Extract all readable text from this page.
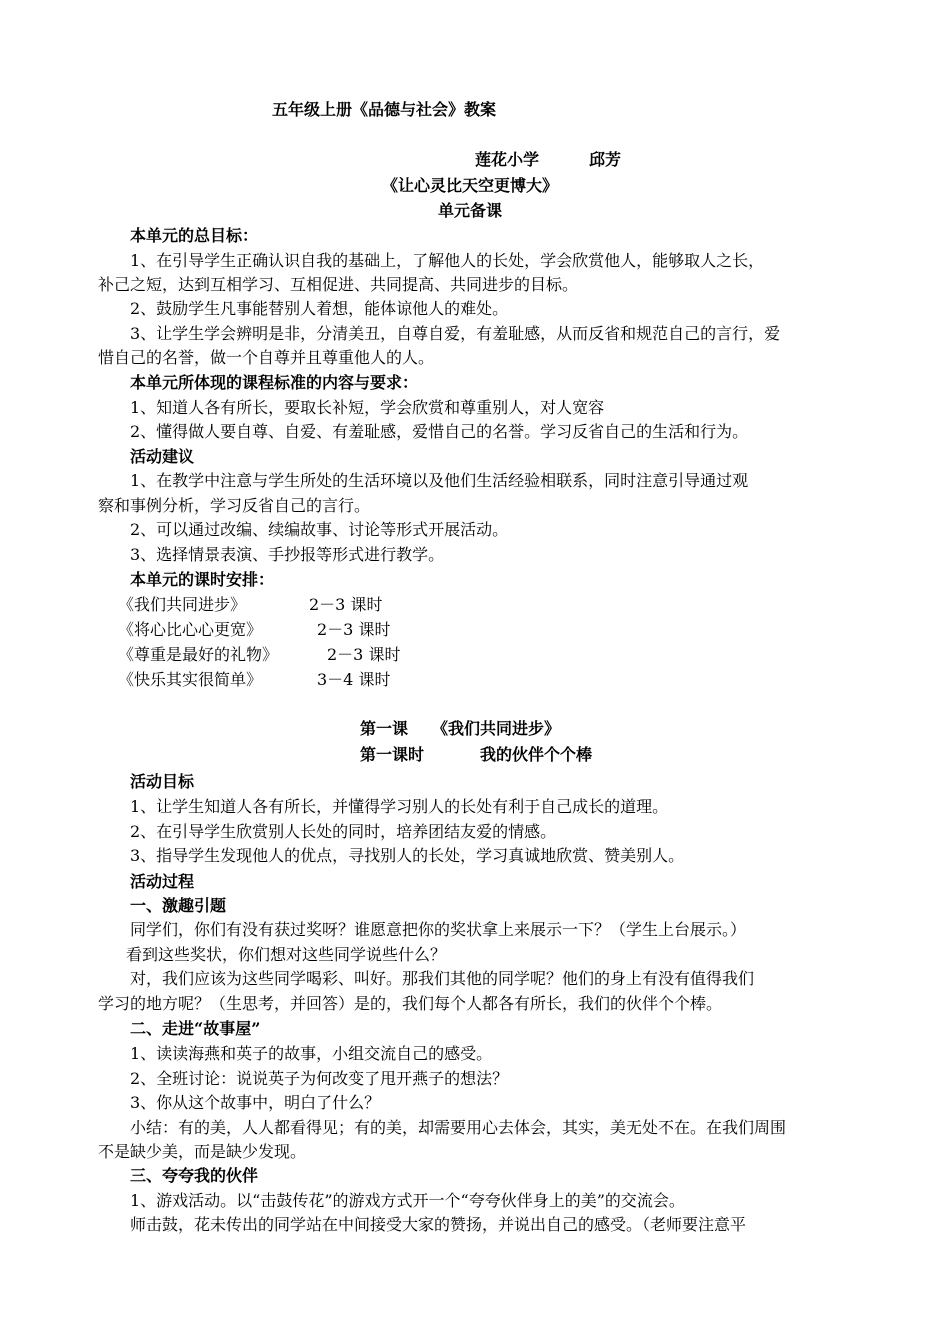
五年级上册《品德与社会》教案
莲花小学	邱芳
《让心灵比天空更博大》
单元备课
本单元的总目标：
1、在引导学生正确认识自我的基础上，了解他人的长处，学会欣赏他人，能够取人之长，
补己之短，达到互相学习、互相促进、共同提高、共同进步的目标。
2、鼓励学生凡事能替别人着想，能体谅他人的难处。
3、让学生学会辨明是非，分清美丑，自尊自爱，有羞耻感，从而反省和规范自己的言行，爱
惜自己的名誉，做一个自尊并且尊重他人的人。
本单元所体现的课程标准的内容与要求：
1、知道人各有所长，要取长补短，学会欣赏和尊重别人，对人宽容
2、懂得做人要自尊、自爱、有羞耻感，爱惜自己的名誉。学习反省自己的生活和行为。
活动建议
1、在教学中注意与学生所处的生活环境以及他们生活经验相联系，同时注意引导通过观
察和事例分析，学习反省自己的言行。
2、可以通过改编、续编故事、讨论等形式开展活动。
3、选择情景表演、手抄报等形式进行教学。
本单元的课时安排：
《我们共同进步》	2－3 课时
《将心比心心更宽》	2－3 课时
《尊重是最好的礼物》	2－3 课时
《快乐其实很简单》	3－4 课时
第一课 《我们共同进步》
第一课时	我的伙伴个个棒
活动目标
1、让学生知道人各有所长，并懂得学习别人的长处有利于自己成长的道理。
2、在引导学生欣赏别人长处的同时，培养团结友爱的情感。
3、指导学生发现他人的优点，寻找别人的长处，学习真诚地欣赏、赞美别人。
活动过程
一、激趣引题
同学们，你们有没有获过奖呀？谁愿意把你的奖状拿上来展示一下？（学生上台展示。）
看到这些奖状，你们想对这些同学说些什么？
对，我们应该为这些同学喝彩、叫好。那我们其他的同学呢？他们的身上有没有值得我们
学习的地方呢？（生思考，并回答）是的，我们每个人都各有所长，我们的伙伴个个棒。
二、走进“故事屋”
1、读读海燕和英子的故事，小组交流自己的感受。
2、全班讨论：说说英子为何改变了甩开燕子的想法？
3、你从这个故事中，明白了什么？
小结：有的美，人人都看得见；有的美，却需要用心去体会，其实，美无处不在。在我们周围
不是缺少美，而是缺少发现。
三、夸夸我的伙伴
1、游戏活动。以“击鼓传花”的游戏方式开一个“夸夸伙伴身上的美”的交流会。
师击鼓，花未传出的同学站在中间接受大家的赞扬，并说出自己的感受。（老师要注意平
